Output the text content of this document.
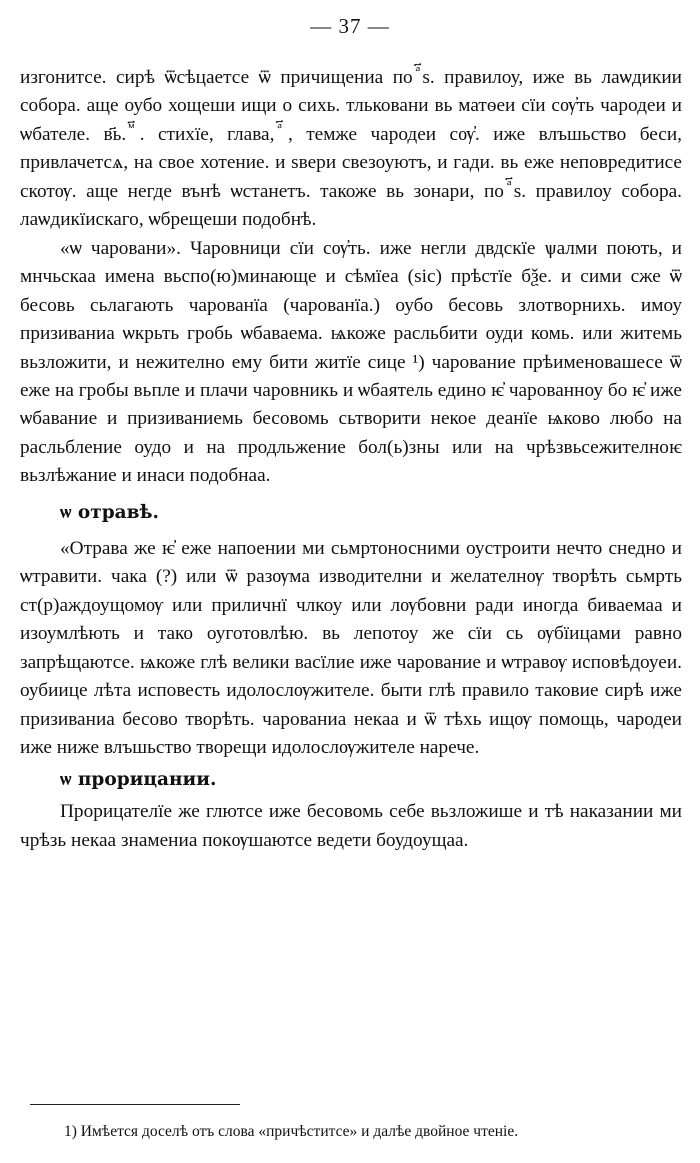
— 37 —

изгонитсе. сирѣ ѿсѣцаетсе ѿ причищениа по ⷶ҃ѕ. правилоу, иже вь лаѡдикии собора. аще оубо хощеши ищи о сихь. тльковани вь матѳеи сїи сѹ҆ть чародеи и ѡбателе. в҃ь. ⷨ҃. стихїе, глава, ⷶ҃, темже чародеи сѹ҆. иже влъшьство беси, привлачетсѧ, на свое хотение. и ѕвери свезоуютъ, и гади. вь еже неповредитисе скотѹ. аще негде вънѣ ѡстанетъ. такоже вь зонари, по ⷶ҃ѕ. правилоу собора. лаѡдикїискаго, ѡбрещеши подобнѣ.

«ѡ чаровани». Чаровници сїи сѹ҆ть. иже негли двдскїе ѱалми поють, и мнчьскаа имена вьспо(ю)минающе и сѣмїеа (sic) прѣстїе бѯе. и сими сже ѿ бесовь сьлагають чарованїа (чарованїа.) оубо бесовь злотворнихь. имоу призиваниа ѡкрьть гробь ѡбаваема. ѩкоже расльбити оуди комь. или житемь вьзложити, и нежително ему бити житїе сице ¹) чарование прѣименовашесе ѿ еже на гробы вьпле и плачи чаровникь и ѡбаятель едино ѥ҆ чарованноу бо ѥ҆ иже ѡбавание и призиваниемь бесовомь сьтворити некое деанїе ѩково любо на расльбление оудо и на продльжение бол(ь)зны или на чрѣзвьсежителноѥ вьзлѣжание и инаси подобнаа.

ѡ отравѣ.

«Отрава же ѥ҆ еже напоении ми сьмртоносними оустроити нечто снедно и ѡтравити. чака (?) или ѿ разѹма изводителни и желателнѹ творѣть сьмрть ст(р)аждоущомѹ или приличнї члкоу или лѹбовни ради иногда биваемаа и изоумлѣють и тако оуготовлѣю. вь лепотоу же сїи сь ѹбїицами равно запрѣщаютсе. ѩкоже глѣ велики васїлие иже чарование и ѡтравѹ исповѣдоуеи. оубиице лѣта исповесть идолослѹжителе. быти глѣ правило таковие сирѣ иже призиваниа бесово творѣть. чарованиа некаа и ѿ тѣхь ищѹ помощь, чародеи иже ниже влъшьство творещи идолослѹжителе нарече.

ѡ прорицании.

Прорицателїе же глютсе иже бесовомь себе вьзложише и тѣ наказании ми чрѣзь некаа знамениа покѹшаютсе ведети боудоущаа.

1) Имѣется доселѣ отъ слова «причѣститсе» и далѣе двойное чтенiе.
